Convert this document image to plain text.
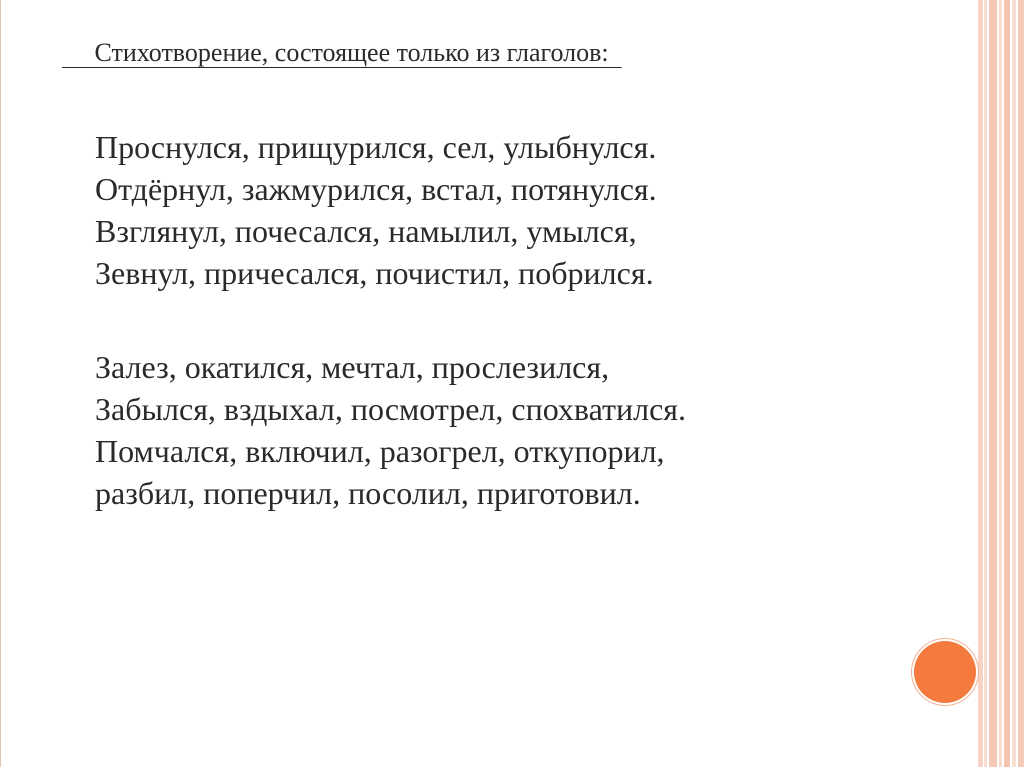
Стихотворение, состоящее только из глаголов:
Проснулся, прищурился, сел, улыбнулся.
Отдёрнул, зажмурился, встал, потянулся.
Взглянул, почесался, намылил, умылся,
Зевнул, причесался, почистил, побрился.
Залез, окатился, мечтал, прослезился,
Забылся, вздыхал, посмотрел, спохватился.
Помчался, включил, разогрел, откупорил,
разбил, поперчил, посолил, приготовил.
